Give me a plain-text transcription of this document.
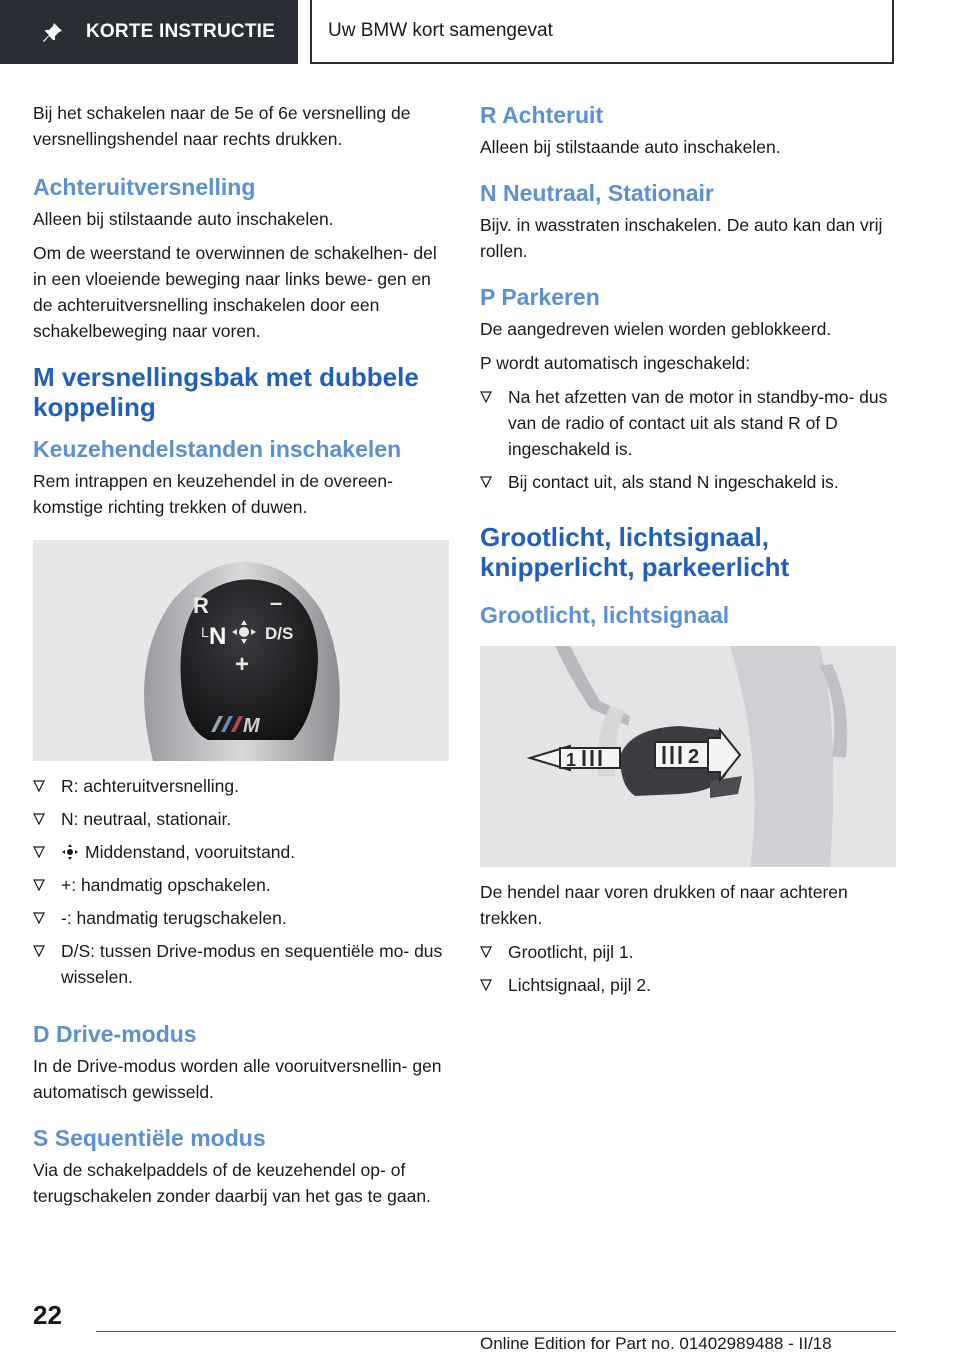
KORTE INSTRUCTIE	Uw BMW kort samengevat

Bij het schakelen naar de 5e of 6e versnelling de versnellingshendel naar rechts drukken.

Achteruitversnelling

Alleen bij stilstaande auto inschakelen.

Om de weerstand te overwinnen de schakelhen- del in een vloeiende beweging naar links bewe- gen en de achteruitversnelling inschakelen door een schakelbeweging naar voren.

M versnellingsbak met dubbele koppeling
Keuzehendelstanden inschakelen

Rem intrappen en keuzehendel in de overeen- komstige richting trekken of duwen.

R	–
L N D/S
+
M
R: achteruitversnelling.
N: neutraal, stationair.
Middenstand, vooruitstand.
+: handmatig opschakelen.
-: handmatig terugschakelen.
D/S: tussen Drive-modus en sequentiële mo- dus wisselen.
D Drive-modus

In de Drive-modus worden alle vooruitversnellin- gen automatisch gewisseld.

S Sequentiële modus

Via de schakelpaddels of de keuzehendel op- of terugschakelen zonder daarbij van het gas te gaan.

R Achteruit

Alleen bij stilstaande auto inschakelen.

N Neutraal, Stationair

Bijv. in wasstraten inschakelen. De auto kan dan vrij rollen.

P Parkeren

De aangedreven wielen worden geblokkeerd.

P wordt automatisch ingeschakeld:

Na het afzetten van de motor in standby-mo- dus van de radio of contact uit als stand R of D ingeschakeld is.
Bij contact uit, als stand N ingeschakeld is.
Grootlicht, lichtsignaal, knipperlicht, parkeerlicht
Grootlicht, lichtsignaal
1	2

De hendel naar voren drukken of naar achteren trekken.

Grootlicht, pijl 1.
Lichtsignaal, pijl 2.
22
Online Edition for Part no. 01402989488 - II/18
